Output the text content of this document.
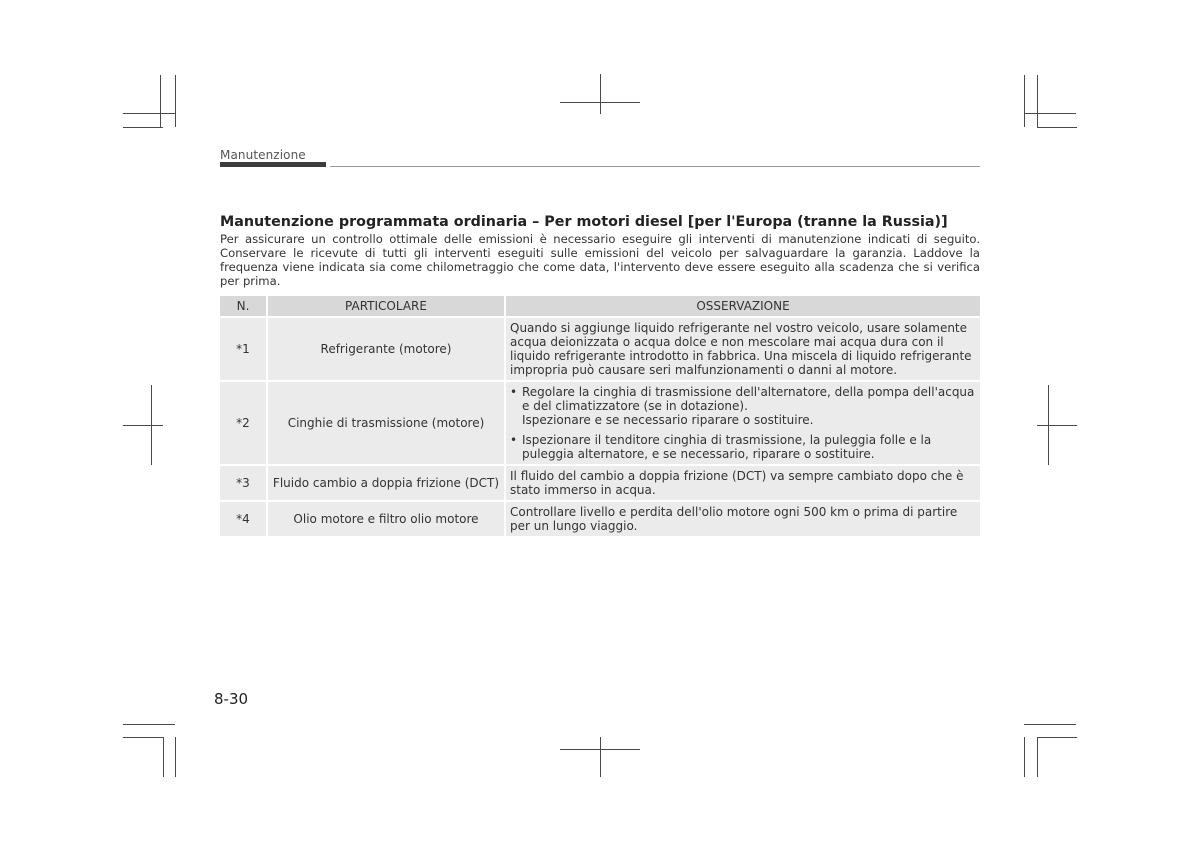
Manutenzione
Manutenzione programmata ordinaria – Per motori diesel [per l'Europa (tranne la Russia)]

Per assicurare un controllo ottimale delle emissioni è necessario eseguire gli interventi di manutenzione indicati di seguito. Conservare le ricevute di tutti gli interventi eseguiti sulle emissioni del veicolo per salvaguardare la garanzia. Laddove la frequenza viene indicata sia come chilometraggio che come data, l'intervento deve essere eseguito alla scadenza che si verifica per prima.

N.	PARTICOLARE	OSSERVAZIONE
*1	Refrigerante (motore)	Quando si aggiunge liquido refrigerante nel vostro veicolo, usare solamente acqua deionizzata o acqua dolce e non mescolare mai acqua dura con il liquido refrigerante introdotto in fabbrica. Una miscela di liquido refrigerante impropria può causare seri malfunzionamenti o danni al motore.
*2	Cinghie di trasmissione (motore)	• Regolare la cinghia di trasmissione dell'alternatore, della pompa dell'acqua e del climatizzatore (se in dotazione).
Ispezionare e se necessario riparare o sostituire.
• Ispezionare il tenditore cinghia di trasmissione, la puleggia folle e la puleggia alternatore, e se necessario, riparare o sostituire.

*3	Fluido cambio a doppia frizione (DCT)	Il fluido del cambio a doppia frizione (DCT) va sempre cambiato dopo che è stato immerso in acqua.
*4	Olio motore e filtro olio motore	Controllare livello e perdita dell'olio motore ogni 500 km o prima di partire per un lungo viaggio.
8-30
